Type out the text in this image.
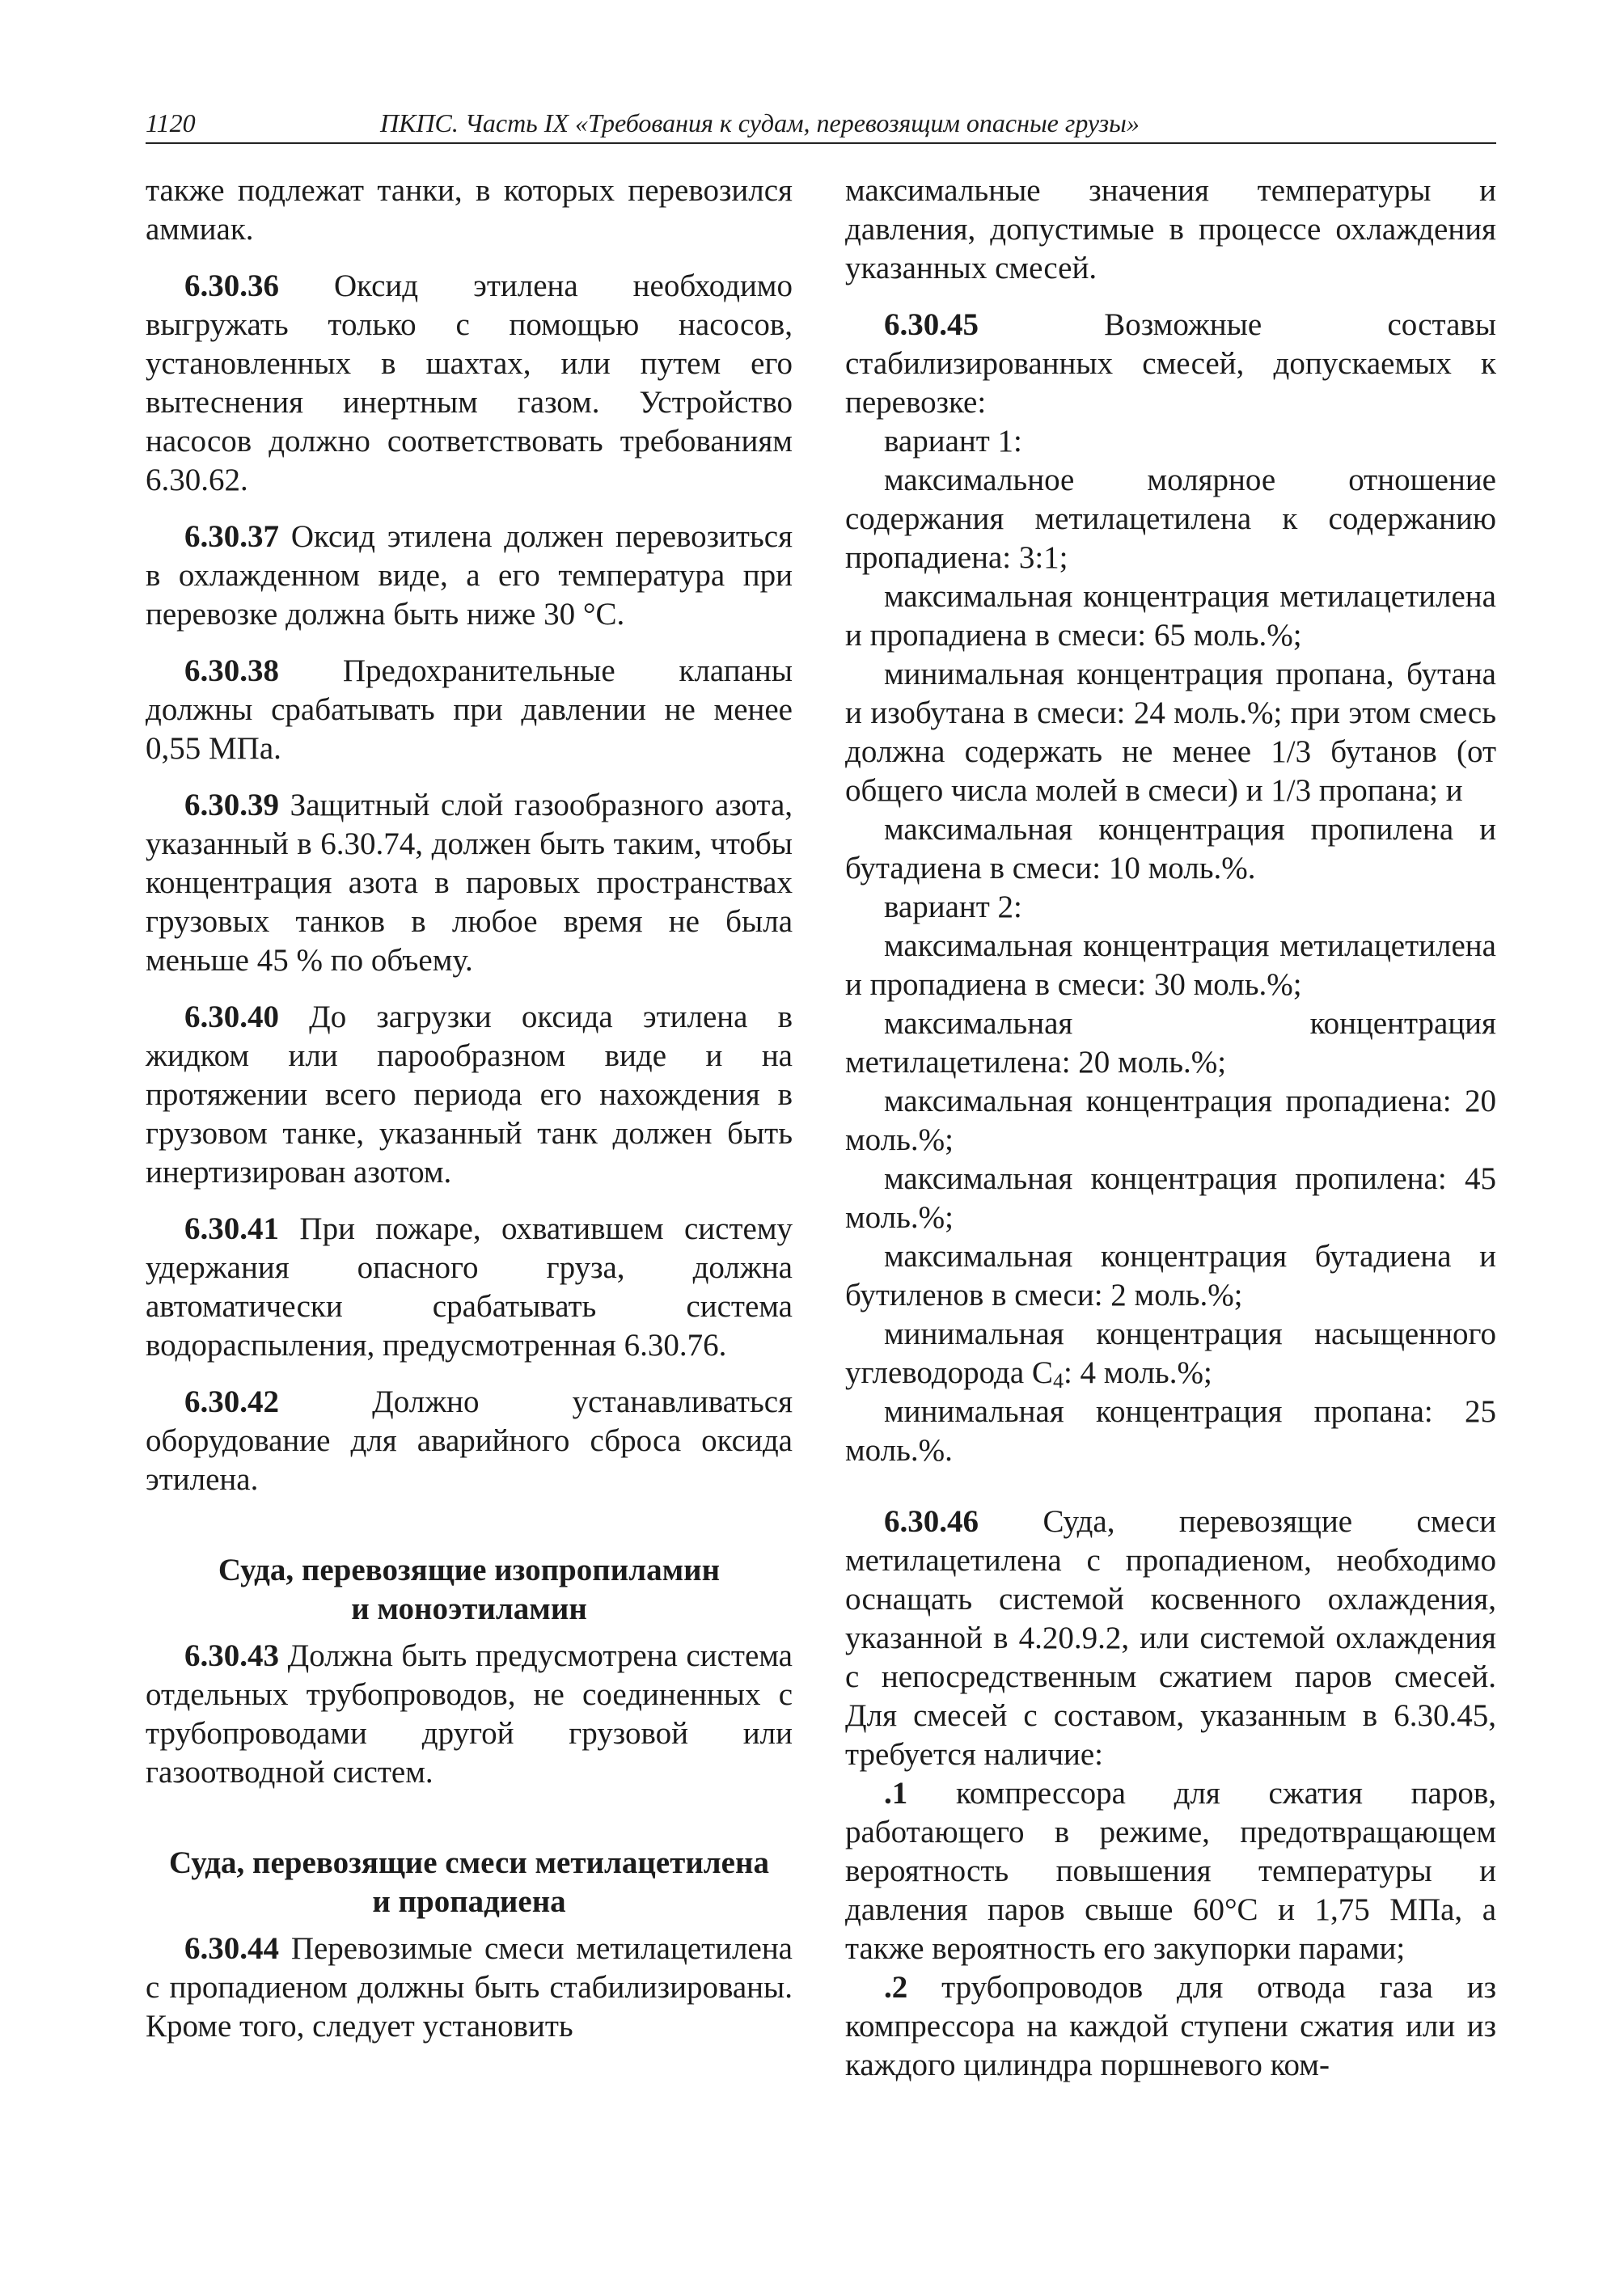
1120	ПКПС. Часть IX «Требования к судам, перевозящим опасные грузы»

также подлежат танки, в которых перевозился аммиак.

6.30.36 Оксид этилена необходимо выгружать только с помощью насосов, установленных в шахтах, или путем его вытеснения инертным газом. Устройство насосов должно соответствовать требованиям 6.30.62.

6.30.37 Оксид этилена должен перевозиться в охлажденном виде, а его температура при перевозке должна быть ниже 30 °C.

6.30.38 Предохранительные клапаны должны срабатывать при давлении не менее 0,55 МПа.

6.30.39 Защитный слой газообразного азота, указанный в 6.30.74, должен быть таким, чтобы концентрация азота в паровых пространствах грузовых танков в любое время не была меньше 45 % по объему.

6.30.40 До загрузки оксида этилена в жидком или парообразном виде и на протяжении всего периода его нахождения в грузовом танке, указанный танк должен быть инертизирован азотом.

6.30.41 При пожаре, охватившем систему удержания опасного груза, должна автоматически срабатывать система водораспыления, предусмотренная 6.30.76.

6.30.42	Должно устанавливаться оборудование для аварийного сброса оксида этилена.

Суда, перевозящие изопропиламин
и моноэтиламин

6.30.43 Должна быть предусмотрена система отдельных трубопроводов, не соединенных с трубопроводами другой грузовой или газоотводной систем.

Суда, перевозящие смеси метилацетилена
и пропадиена

6.30.44 Перевозимые смеси метилацетилена с пропадиеном должны быть стабилизированы. Кроме того, следует установить

максимальные значения температуры и давления, допустимые в процессе охлаждения указанных смесей.

6.30.45	Возможные составы стабилизированных смесей, допускаемых к перевозке:

вариант 1:

максимальное молярное отношение содержания метилацетилена к содержанию пропадиена: 3:1;

максимальная концентрация метилацетилена и пропадиена в смеси: 65 моль.%;

минимальная концентрация пропана, бутана и изобутана в смеси: 24 моль.%; при этом смесь должна содержать не менее 1/3 бутанов (от общего числа молей в смеси) и 1/3 пропана; и

максимальная концентрация пропилена и бутадиена в смеси: 10 моль.%.

вариант 2:

максимальная концентрация метилацетилена и пропадиена в смеси: 30 моль.%;

максимальная концентрация метилацетилена: 20 моль.%;

максимальная концентрация пропадиена: 20 моль.%;

максимальная концентрация пропилена: 45 моль.%;

максимальная концентрация бутадиена и бутиленов в смеси: 2 моль.%;

минимальная концентрация насыщенного углеводорода $С_4$: 4 моль.%;

минимальная концентрация пропана: 25 моль.%.

6.30.46 Суда, перевозящие смеси метилацетилена с пропадиеном, необходимо оснащать системой косвенного охлаждения, указанной в 4.20.9.2, или системой охлаждения с непосредственным сжатием паров смесей. Для смесей с составом, указанным в 6.30.45, требуется наличие:

.1 компрессора для сжатия паров, работающего в режиме, предотвращающем вероятность повышения температуры и давления паров свыше 60°C и 1,75 МПа, а также вероятность его закупорки парами;

.2 трубопроводов для отвода газа из компрессора на каждой ступени сжатия или из каждого цилиндра поршневого ком-
